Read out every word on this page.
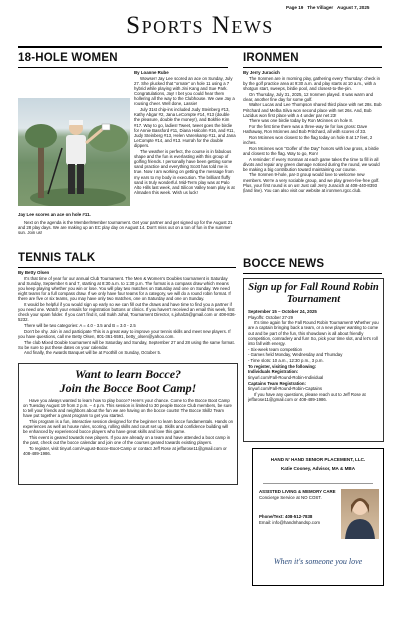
Page 19 The Villager August 7, 2025
Sports News
18-HOLE WOMEN
Jay Lee scores an ace on hole #11.

By Loanne Rube

Wowser! Jay Lee scored an ace on Sunday, July 27. She plucked that "ornate" on hole 11 using a 7 hybrid while playing with Jini Kang and Sue Park. Congratulations, Jay! I bet you could hear them hollering all the way to the Clubhouse. We owe Jay a rousing cheer. Well done, Lassie!

July 31st chip-ins included Judy Steinberg #13, Kathy Abgar #2, Jana LeCompte #14, #13 (double the pleasure, double the money!), and Bokhle Kim #17. Way to go, ladies! Tweet, tweet goes the birdie for Annie Bassford #11, Diana Halcolm #16, and #11, Judy Steinberg #13, Helen Varenkamp #11, and Jana LeCompte #14, and #13. Hurrah for the double dippers.

The weather is perfect, the course is in fabulous shape and the fun is everlasting with this group of golfing friends. I personally have been getting some sand practice and everything Scott has told me is true. Now I am working on getting the message from my ears to my body in execution. The brilliant fluffy sand is truly wonderful. Mid-Term play was at Palo Alto Hills last week, and Silicon Valley team play is at Almaden this week. Wish us luck!

Next on the agenda is the Member/Member tournament. Get your partner and get signed up for the August 21 and 28 play days. We are making up an EC play day on August 14. Don't miss out on a ton of fun in the summer sun. Join us!

IRONMEN

By Jerry Juracich

The Ironmen are in morning play, gathering every Thursday: check in by the golf practice area at 9:30 a.m. and play starts at 10 a.m., with a shotgun start, sweeps, birdie pool, and closest-to-the-pin.

On Thursday, July 31, 2025, 12 Ironmen played. It was warm and clear, another fine day for some golf.

Walter Lucas and Lee Thompson shared third place with net 28s. Bob Pritchard and Melba Silva won second place with net 26s. And, Bob Lazidus won first place with a 4 under par net 23!

There was one birdie today by Ron Mcinnes on hole 8.

For the first time there was a three-way tie for low gross: Dave Hathaway, Ron Mcinnes and Bob Pritchard, all with scores of 33.

Ron Mcinnes won closest to the flag today on hole 8 at 17 feet, 2 inches.

Ron Mcinnes won "Golfer of the Day" honors with low gross, a birdie and closest to the flag. Way to go, Ron!

A reminder: If every Ironman at each game takes the time to fill in all divots and repair any green damage noticed during the round, we would be making a big contribution toward maintaining our course.

The Ironmen 9-hole, par-3 group would love to welcome new members. We're a very sociable group, and we play green-fee-free golf. Plus, your first round is on us! Just call Jerry Juracich at 408-440-8393 (land line). You can also visit our website at ironmen.rgcc.club.

TENNIS TALK

By Betty Olsen

It's that time of year for our annual Club Tournament. The Men & Women's Doubles tournament is Saturday and Sunday, September 6 and 7, starting at 8:30 a.m. to 1:30 p.m. The format is a compass draw which means you keep playing whether you win or lose. You will play two matches on Saturday and one on Sunday. We need eight teams for a full compass draw. If we only have four teams for a category, we will do a round robin format. If there are five or six teams, you may have only two matches, one on Saturday and one on Sunday.

It would be helpful if you would sign up early so we can fill out the draws and have time to find you a partner if you need one. Watch your emails for registration buttons or clinics. If you haven't received an email this week, first check your spam folder. If you can't find it, call Sukh Johal, Tournament Director, s.johal15@gmail.com or 408-836-5232.

There will be two categories: A = 4.0 - 3.5 and B = 3.0 - 2.5

Don't be shy. Join in and participate This is a great way to improve your tennis skills and meet new players. If you have questions, call me Betty Olsen, 801-361-5591, betty_olsen@yahoo.com.

The club Mixed Double tournament will be Saturday and Sunday, September 27 and 28 using the same format. So be sure to put these dates on your calendar.

And finally, the Awards Banquet will be at Foothill on Sunday, October 5.

BOCCE NEWS
Sign up for Fall Round Robin Tournament

September 15 – October 24, 2025

Playoffs: October 27-29

It's time again for the Fall Round Robin Tournament! Whether you are a captain bringing back a team, or a new player wanting to come out and be part of the fun, this showdown is all about friendly competition, comradery and fun! So, pick your time slot, and let's roll into fall with energy.

- Six-week team competition

- Games held Monday, Wednesday and Thursday

- Time slots: 10 a.m., 12:30 p.m., 3 p.m.

To register, visiting the following:

Individuals Registration:

tinyurl.com/Fall-Round-Robin-Individual

Captains Team Registration:

tinyurl.com/Fall-Round-Robin-Captains

If you have any questions, please reach out to Jeff Rose at jeffarose11@gmail.com or 408-489-1986.

Want to learn Bocce?
Join the Bocce Boot Camp!

Have you always wanted to learn how to play bocce? Here's your chance. Come to the Bocce Boot Camp on Tuesday August 19 from 2 p.m. – 4 p.m. This session is limited to 30 people Bocce Club members, be sure to tell your friends and neighbors about the fun we are having on the bocce courts! The Bocce Skillz Team have put together a great program to get you started.

This program is a fun, interactive session designed for the beginner to learn bocce fundamentals. Hands on experiences as well as house rules, scoring, rolling skills and court set up. Skills and confidence building will be enhanced by experienced bocce players who have great skills and love this game.

This event is geared towards new players. If you are already on a team and have attended a boot camp in the past, check out the bocce calendar and join one of the courses geared towards existing players.

To register, visit tinyurl.com/August-Bocce-Boot-Camp or contact Jeff Rose at jeffarose11@gmail.com or 408-489-1986.

HAND N' HAND SENIOR PLACEMENT, LLC.
Katie Cooney, Advisor, MA & MBA
ASSISTED LIVING & MEMORY CARE
Concierge Service at NO COST.
Phone/Text: 408-512-7838
Email: info@handnhandsp.com
When it's someone you love
